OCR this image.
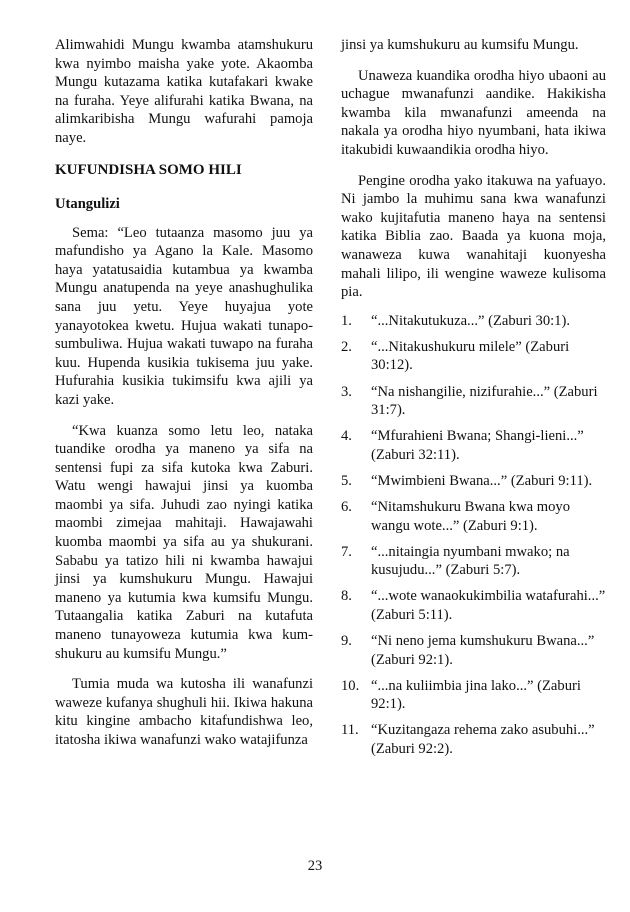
Alimwahidi Mungu kwamba atamshukuru kwa nyimbo maisha yake yote. Akaomba Mungu kutazama katika kutafakari kwake na furaha. Yeye alifurahi katika Bwana, na alimkaribisha Mungu wafurahi pamoja naye.

KUFUNDISHA SOMO HILI
Utangulizi

Sema: “Leo tutaanza masomo juu ya mafundisho ya Agano la Kale. Masomo haya yatatusaidia kutambua ya kwamba Mungu anatupenda na yeye anashughulika sana juu yetu. Yeye huyajua yote yanayotokea kwetu. Hujua wakati tunapo-sumbuliwa. Hujua wakati tuwapo na furaha kuu. Hupenda kusikia tukisema juu yake. Hufurahia kusikia tukimsifu kwa ajili ya kazi yake.

“Kwa kuanza somo letu leo, nataka tuandike orodha ya maneno ya sifa na sentensi fupi za sifa kutoka kwa Zaburi. Watu wengi hawajui jinsi ya kuomba maombi ya sifa. Juhudi zao nyingi katika maombi zimejaa mahitaji. Hawajawahi kuomba maombi ya sifa au ya shukurani. Sababu ya tatizo hili ni kwamba hawajui jinsi ya kumshukuru Mungu. Hawajui maneno ya kutumia kwa kumsifu Mungu. Tutaangalia katika Zaburi na kutafuta maneno tunayoweza kutumia kwa kum-shukuru au kumsifu Mungu.”

Tumia muda wa kutosha ili wanafunzi waweze kufanya shughuli hii. Ikiwa hakuna kitu kingine ambacho kitafundishwa leo, itatosha ikiwa wanafunzi wako watajifunza

jinsi ya kumshukuru au kumsifu Mungu.

Unaweza kuandika orodha hiyo ubaoni au uchague mwanafunzi aandike. Hakikisha kwamba kila mwanafunzi ameenda na nakala ya orodha hiyo nyumbani, hata ikiwa itakubidi kuwaandikia orodha hiyo.

Pengine orodha yako itakuwa na yafuayo. Ni jambo la muhimu sana kwa wanafunzi wako kujitafutia maneno haya na sentensi katika Biblia zao. Baada ya kuona moja, wanaweza kuwa wanahitaji kuonyesha mahali lilipo, ili wengine waweze kulisoma pia.

1. “...Nitakutukuza...” (Zaburi 30:1).
2. “...Nitakushukuru milele” (Zaburi 30:12).
3. “Na nishangilie, nizifurahie...” (Zaburi 31:7).
4. “Mfurahieni Bwana; Shangi-lieni...” (Zaburi 32:11).
5. “Mwimbieni Bwana...” (Zaburi 9:11).
6. “Nitamshukuru Bwana kwa moyo wangu wote...” (Zaburi 9:1).
7. “...nitaingia nyumbani mwako; na kusujudu...” (Zaburi 5:7).
8. “...wote wanaokukimbilia watafurahi...” (Zaburi 5:11).
9. “Ni neno jema kumshukuru Bwana...” (Zaburi 92:1).
10. “...na kuliimbia jina lako...” (Zaburi 92:1).
11. “Kuzitangaza rehema zako asubuhi...” (Zaburi 92:2).
23
